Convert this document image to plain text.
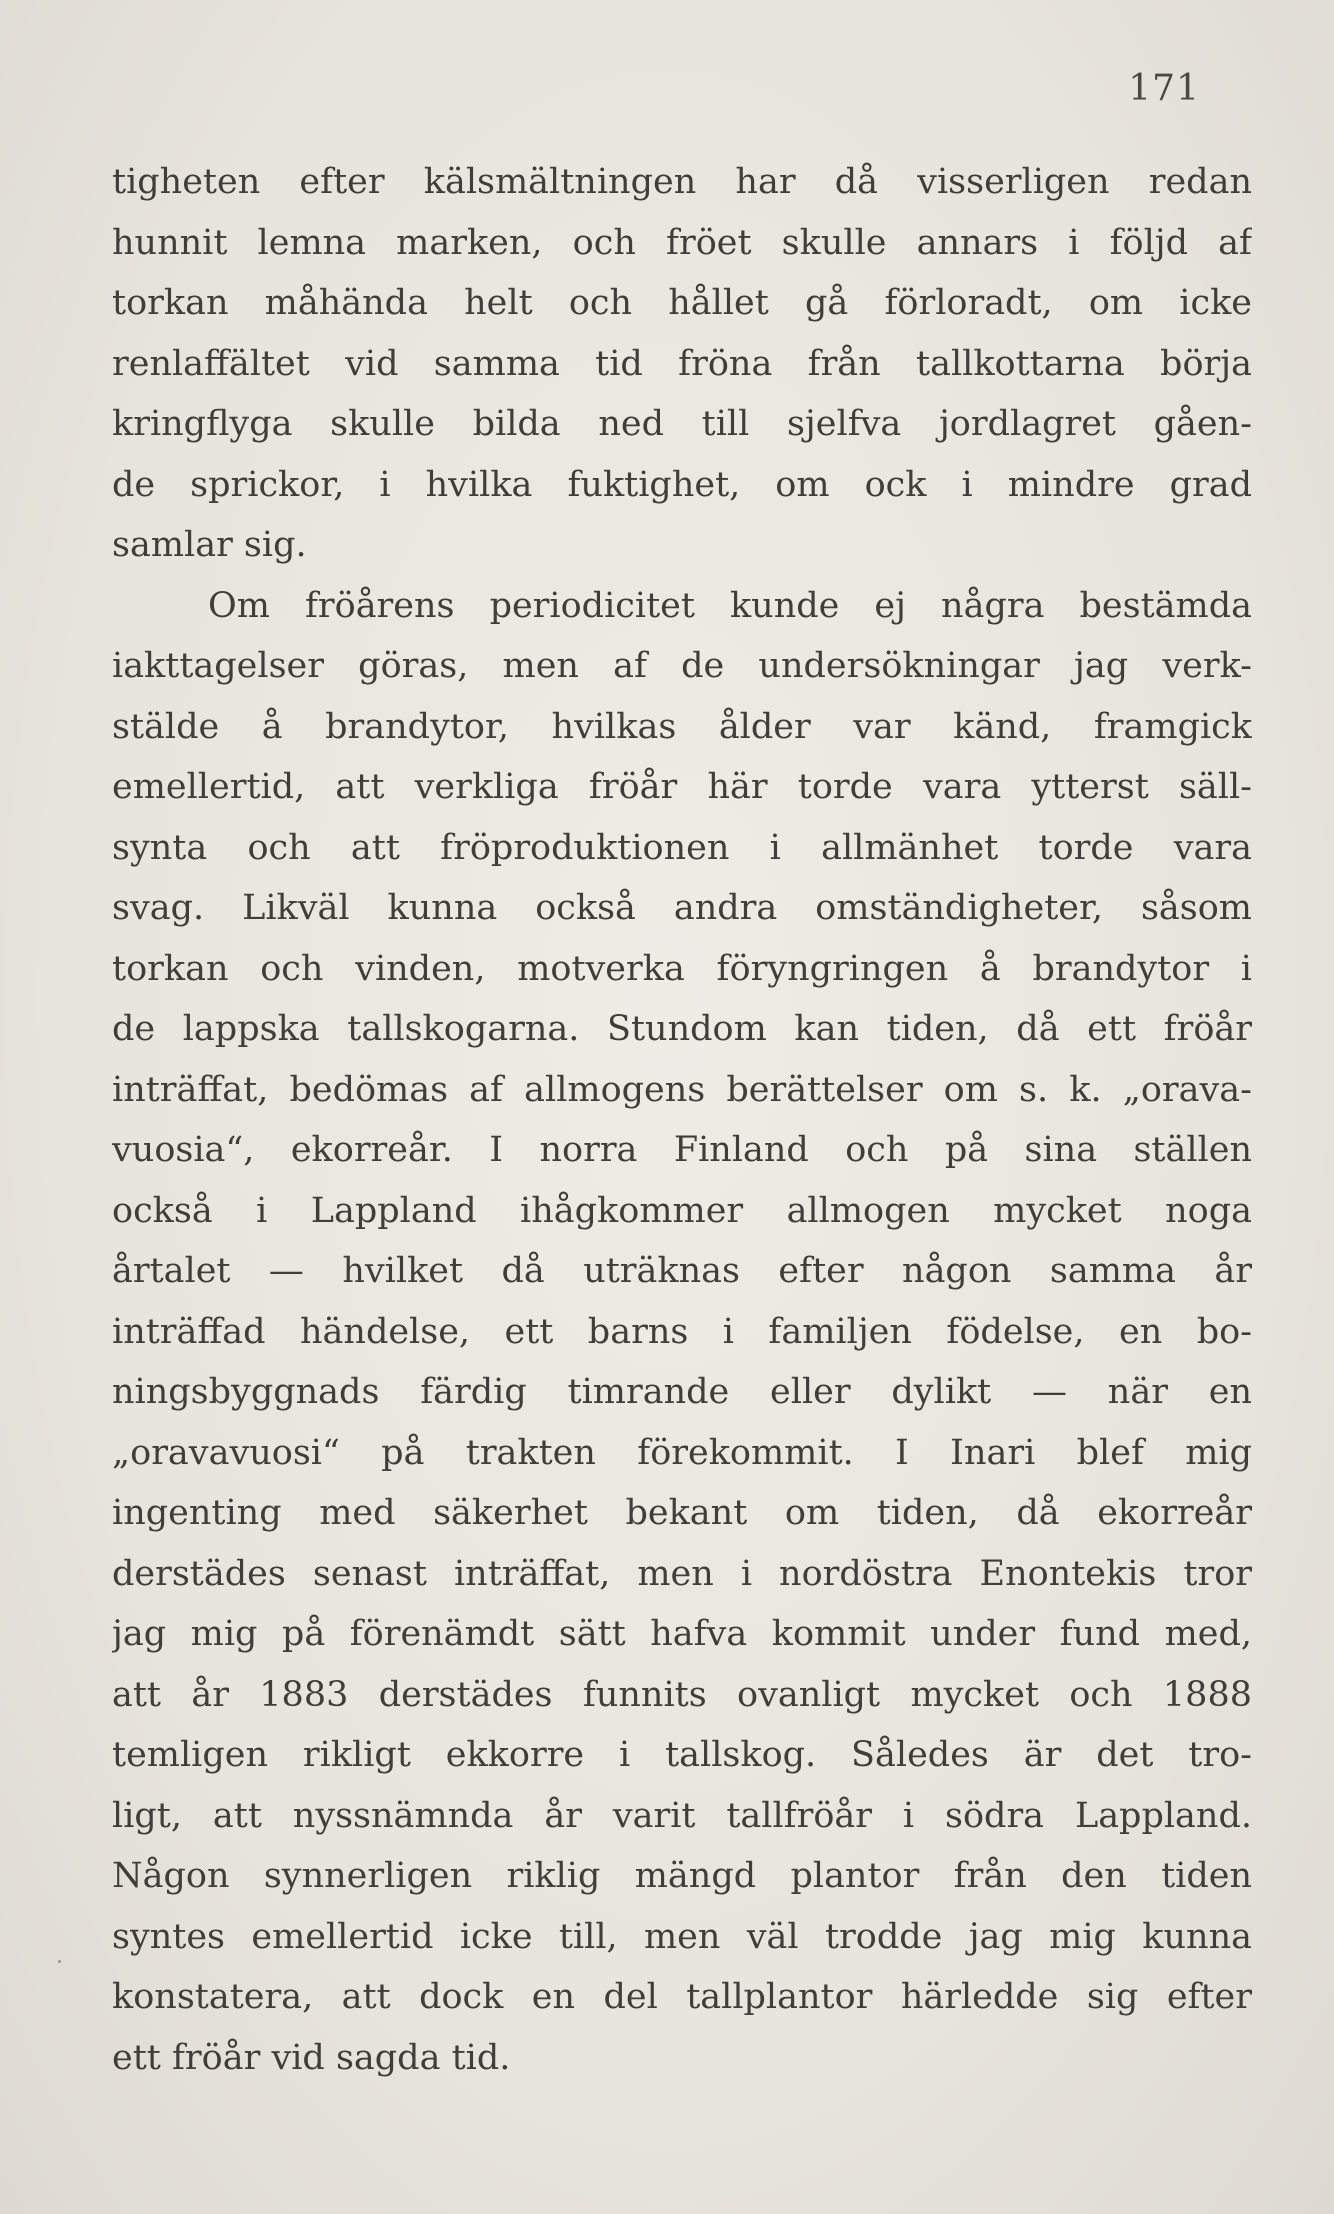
171
tigheten efter kälsmältningen har då visserligen redan
hunnit lemna marken, och fröet skulle annars i följd af
torkan måhända helt och hållet gå förloradt, om icke
renlaffältet vid samma tid fröna från tallkottarna börja
kringflyga skulle bilda ned till sjelfva jordlagret gåen-
de sprickor, i hvilka fuktighet, om ock i mindre grad
samlar sig.
Om fröårens periodicitet kunde ej några bestämda
iakttagelser göras, men af de undersökningar jag verk-
stälde å brandytor, hvilkas ålder var känd, framgick
emellertid, att verkliga fröår här torde vara ytterst säll-
synta och att fröproduktionen i allmänhet torde vara
svag. Likväl kunna också andra omständigheter, såsom
torkan och vinden, motverka föryngringen å brandytor i
de lappska tallskogarna. Stundom kan tiden, då ett fröår
inträffat, bedömas af allmogens berättelser om s. k. „orava-
vuosia“, ekorreår. I norra Finland och på sina ställen
också i Lappland ihågkommer allmogen mycket noga
årtalet — hvilket då uträknas efter någon samma år
inträffad händelse, ett barns i familjen födelse, en bo-
ningsbyggnads färdig timrande eller dylikt — när en
„oravavuosi“ på trakten förekommit. I Inari blef mig
ingenting med säkerhet bekant om tiden, då ekorreår
derstädes senast inträffat, men i nordöstra Enontekis tror
jag mig på förenämdt sätt hafva kommit under fund med,
att år 1883 derstädes funnits ovanligt mycket och 1888
temligen rikligt ekkorre i tallskog. Således är det tro-
ligt, att nyssnämnda år varit tallfröår i södra Lappland.
Någon synnerligen riklig mängd plantor från den tiden
syntes emellertid icke till, men väl trodde jag mig kunna
konstatera, att dock en del tallplantor härledde sig efter
ett fröår vid sagda tid.
